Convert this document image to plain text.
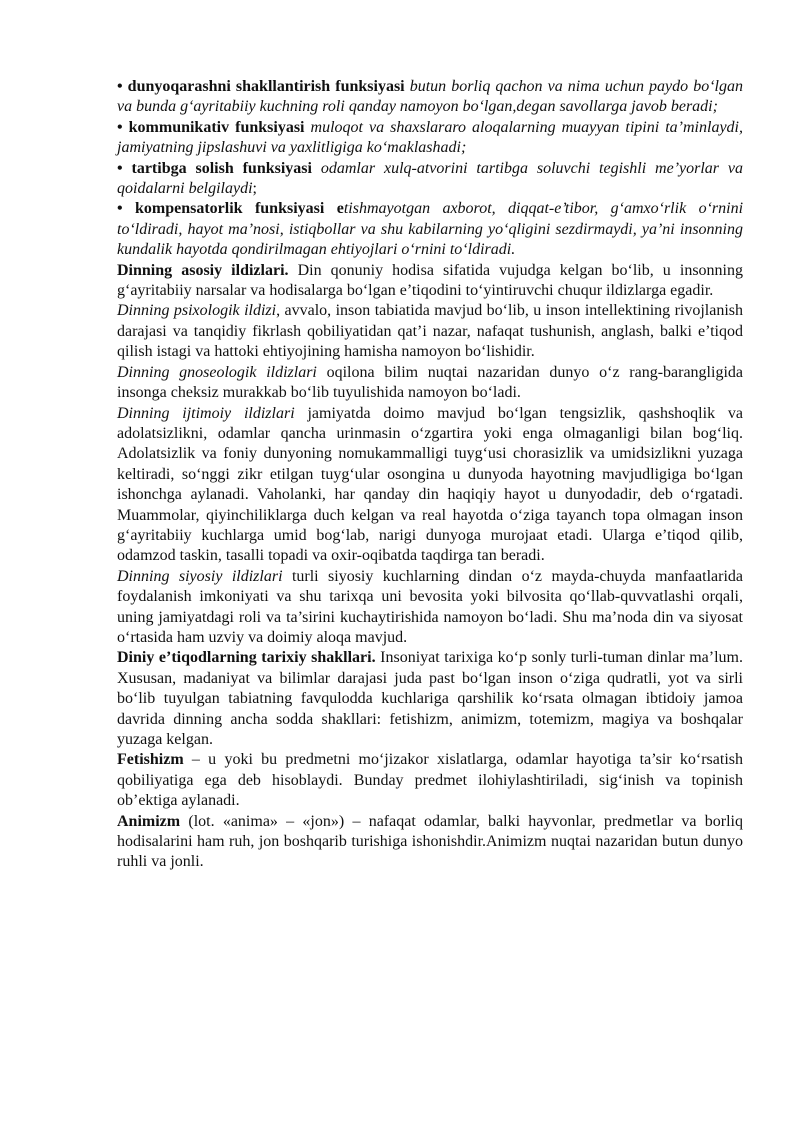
• dunyoqarashni shakllantirish funksiyasi butun borliq qachon va nima uchun paydo bo‘lgan va bunda g‘ayritabiiy kuchning roli qanday namoyon bo‘lgan,degan savollarga javob beradi;

• kommunikativ funksiyasi muloqot va shaxslararo aloqalarning muayyan tipini ta’minlaydi, jamiyatning jipslashuvi va yaxlitligiga ko‘maklashadi;

• tartibga solish funksiyasi odamlar xulq-atvorini tartibga soluvchi tegishli me’yorlar va qoidalarni belgilaydi;

• kompensatorlik funksiyasi etishmayotgan axborot, diqqat-e’tibor, g‘amxo‘rlik o‘rnini to‘ldiradi, hayot ma’nosi, istiqbollar va shu kabilarning yo‘qligini sezdirmaydi, ya’ni insonning kundalik hayotda qondirilmagan ehtiyojlari o‘rnini to‘ldiradi.

Dinning asosiy ildizlari. Din qonuniy hodisa sifatida vujudga kelgan bo‘lib, u insonning g‘ayritabiiy narsalar va hodisalarga bo‘lgan e’tiqodini to‘yintiruvchi chuqur ildizlarga egadir.

Dinning psixologik ildizi, avvalo, inson tabiatida mavjud bo‘lib, u inson intellektining rivojlanish darajasi va tanqidiy fikrlash qobiliyatidan qat’i nazar, nafaqat tushunish, anglash, balki e’tiqod qilish istagi va hattoki ehtiyojining hamisha namoyon bo‘lishidir.

Dinning gnoseologik ildizlari oqilona bilim nuqtai nazaridan dunyo o‘z rang-barangligida insonga cheksiz murakkab bo‘lib tuyulishida namoyon bo‘ladi.

Dinning ijtimoiy ildizlari jamiyatda doimo mavjud bo‘lgan tengsizlik, qashshoqlik va adolatsizlikni, odamlar qancha urinmasin o‘zgartira yoki enga olmaganligi bilan bog‘liq. Adolatsizlik va foniy dunyoning nomukammalligi tuyg‘usi chorasizlik va umidsizlikni yuzaga keltiradi, so‘nggi zikr etilgan tuyg‘ular osongina u dunyoda hayotning mavjudligiga bo‘lgan ishonchga aylanadi. Vaholanki, har qanday din haqiqiy hayot u dunyodadir, deb o‘rgatadi. Muammolar, qiyinchiliklarga duch kelgan va real hayotda o‘ziga tayanch topa olmagan inson g‘ayritabiiy kuchlarga umid bog‘lab, narigi dunyoga murojaat etadi. Ularga e’tiqod qilib, odamzod taskin, tasalli topadi va oxir-oqibatda taqdirga tan beradi.

Dinning siyosiy ildizlari turli siyosiy kuchlarning dindan o‘z mayda-chuyda manfaatlarida foydalanish imkoniyati va shu tarixqa uni bevosita yoki bilvosita qo‘llab-quvvatlashi orqali, uning jamiyatdagi roli va ta’sirini kuchaytirishida namoyon bo‘ladi. Shu ma’noda din va siyosat o‘rtasida ham uzviy va doimiy aloqa mavjud.

Diniy e’tiqodlarning tarixiy shakllari. Insoniyat tarixiga ko‘p sonly turli-tuman dinlar ma’lum. Xususan, madaniyat va bilimlar darajasi juda past bo‘lgan inson o‘ziga qudratli, yot va sirli bo‘lib tuyulgan tabiatning favqulodda kuchlariga qarshilik ko‘rsata olmagan ibtidoiy jamoa davrida dinning ancha sodda shakllari: fetishizm, animizm, totemizm, magiya va boshqalar yuzaga kelgan.

Fetishizm – u yoki bu predmetni mo‘jizakor xislatlarga, odamlar hayotiga ta’sir ko‘rsatish qobiliyatiga ega deb hisoblaydi. Bunday predmet ilohiylashtiriladi, sig‘inish va topinish ob’ektiga aylanadi.

Animizm (lot. «anima» – «jon») – nafaqat odamlar, balki hayvonlar, predmetlar va borliq hodisalarini ham ruh, jon boshqarib turishiga ishonishdir.Animizm nuqtai nazaridan butun dunyo ruhli va jonli.
